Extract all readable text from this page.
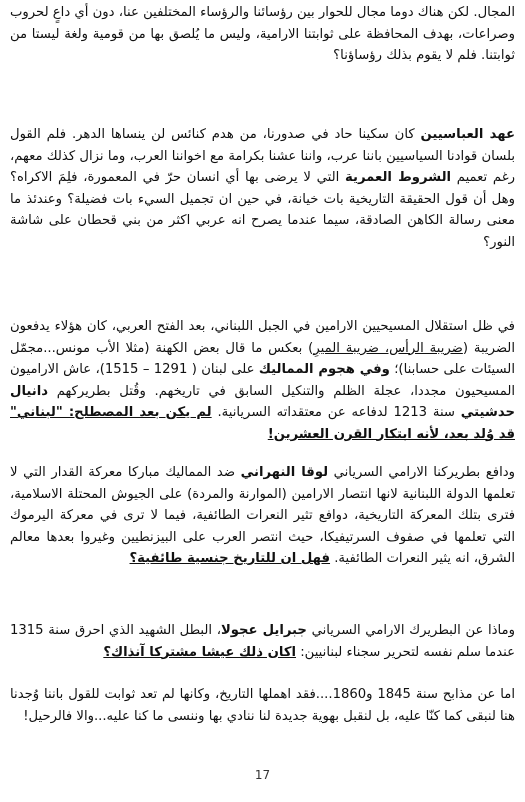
المجال. لكن هناك دوما مجال للحوار بين رؤسائنا والرؤساء المختلفين عنا، دون أي داعٍ لحروب وصراعات، بهدف المحافظة على ثوابتنا الارامية، وليس ما يُلصق بها من قومية ولغة ليستا من ثوابتنا. فلم لا يقوم بذلك رؤساؤنا؟

عهد العباسيين كان سكينا حاد في صدورنا، من هدم كنائس لن ينساها الدهر. فلم القول بلسان قوادنا السياسيين باننا عرب، واننا عشنا بكرامة مع اخواننا العرب، وما نزال كذلك معهم، رغم تعميم الشروط العمرية التي لا يرضى بها أي انسان حرّ في المعمورة، فلِمَ الاكراه؟ وهل أن قول الحقيقة التاريخية بات خيانة، في حين ان تجميل السيء بات فضيلة؟ وعندئذ ما معنى رسالة الكاهن الصادقة، سيما عندما يصرح انه عربي اكثر من بني قحطان على شاشة النور؟

في ظل استقلال المسيحيين الارامين في الجبل اللبناني، بعد الفتح العربي، كان هؤلاء يدفعون الضريبة (ضريبة الرأس، ضريبة الميرِ) بعكس ما قال بعض الكهنة (مثلا الأب مونس...مجمّل السيئات على حسابنا)؛ وفي هجوم المماليك على لبنان ( 1291 – 1515)، عاش الاراميون المسيحيون مجددا، عجلة الظلم والتنكيل السابق في تاريخهم. وقُتل بطريركهم دانيال حدشيتي سنة 1213 لدفاعه عن معتقداته السريانية. لم يكن بعد المصطلح: "لبناني" قد وُلد بعد، لأنه ابتكار القرن العشرين!

ودافع بطريركنا الارامي السرياني لوقا النهراني ضد المماليك مباركا معركة القدار التي لا تعلمها الدولة اللبنانية لانها انتصار الارامين (الموارنة والمردة) على الجيوش المحتلة الاسلامية، فترى بتلك المعركة التاريخية، دوافع تثير النعرات الطائفية، فيما لا ترى في معركة اليرموك التي تعلمها في صفوف السرتيفيكا، حيث انتصر العرب على البيزنطيين وغيروا بعدها معالم الشرق، انه يثير النعرات الطائفية. فهل ان للتاريخ جنسية طائفية؟

وماذا عن البطريرك الارامي السرياني جبرايل عجولا، البطل الشهيد الذي احرق سنة 1315 عندما سلم نفسه لتحرير سجناء لبنانيين: اكان ذلك عيشا مشتركا آنذاك؟

اما عن مذابح سنة 1845 و1860....فقد اهملها التاريخ، وكانها لم تعد ثوابت للقول باننا وُجدنا هنا لنبقى كما كنّا عليه، بل لنقبل بهوية جديدة لنا ننادي بها وننسى ما كنا عليه...والا فالرحيل!

17
